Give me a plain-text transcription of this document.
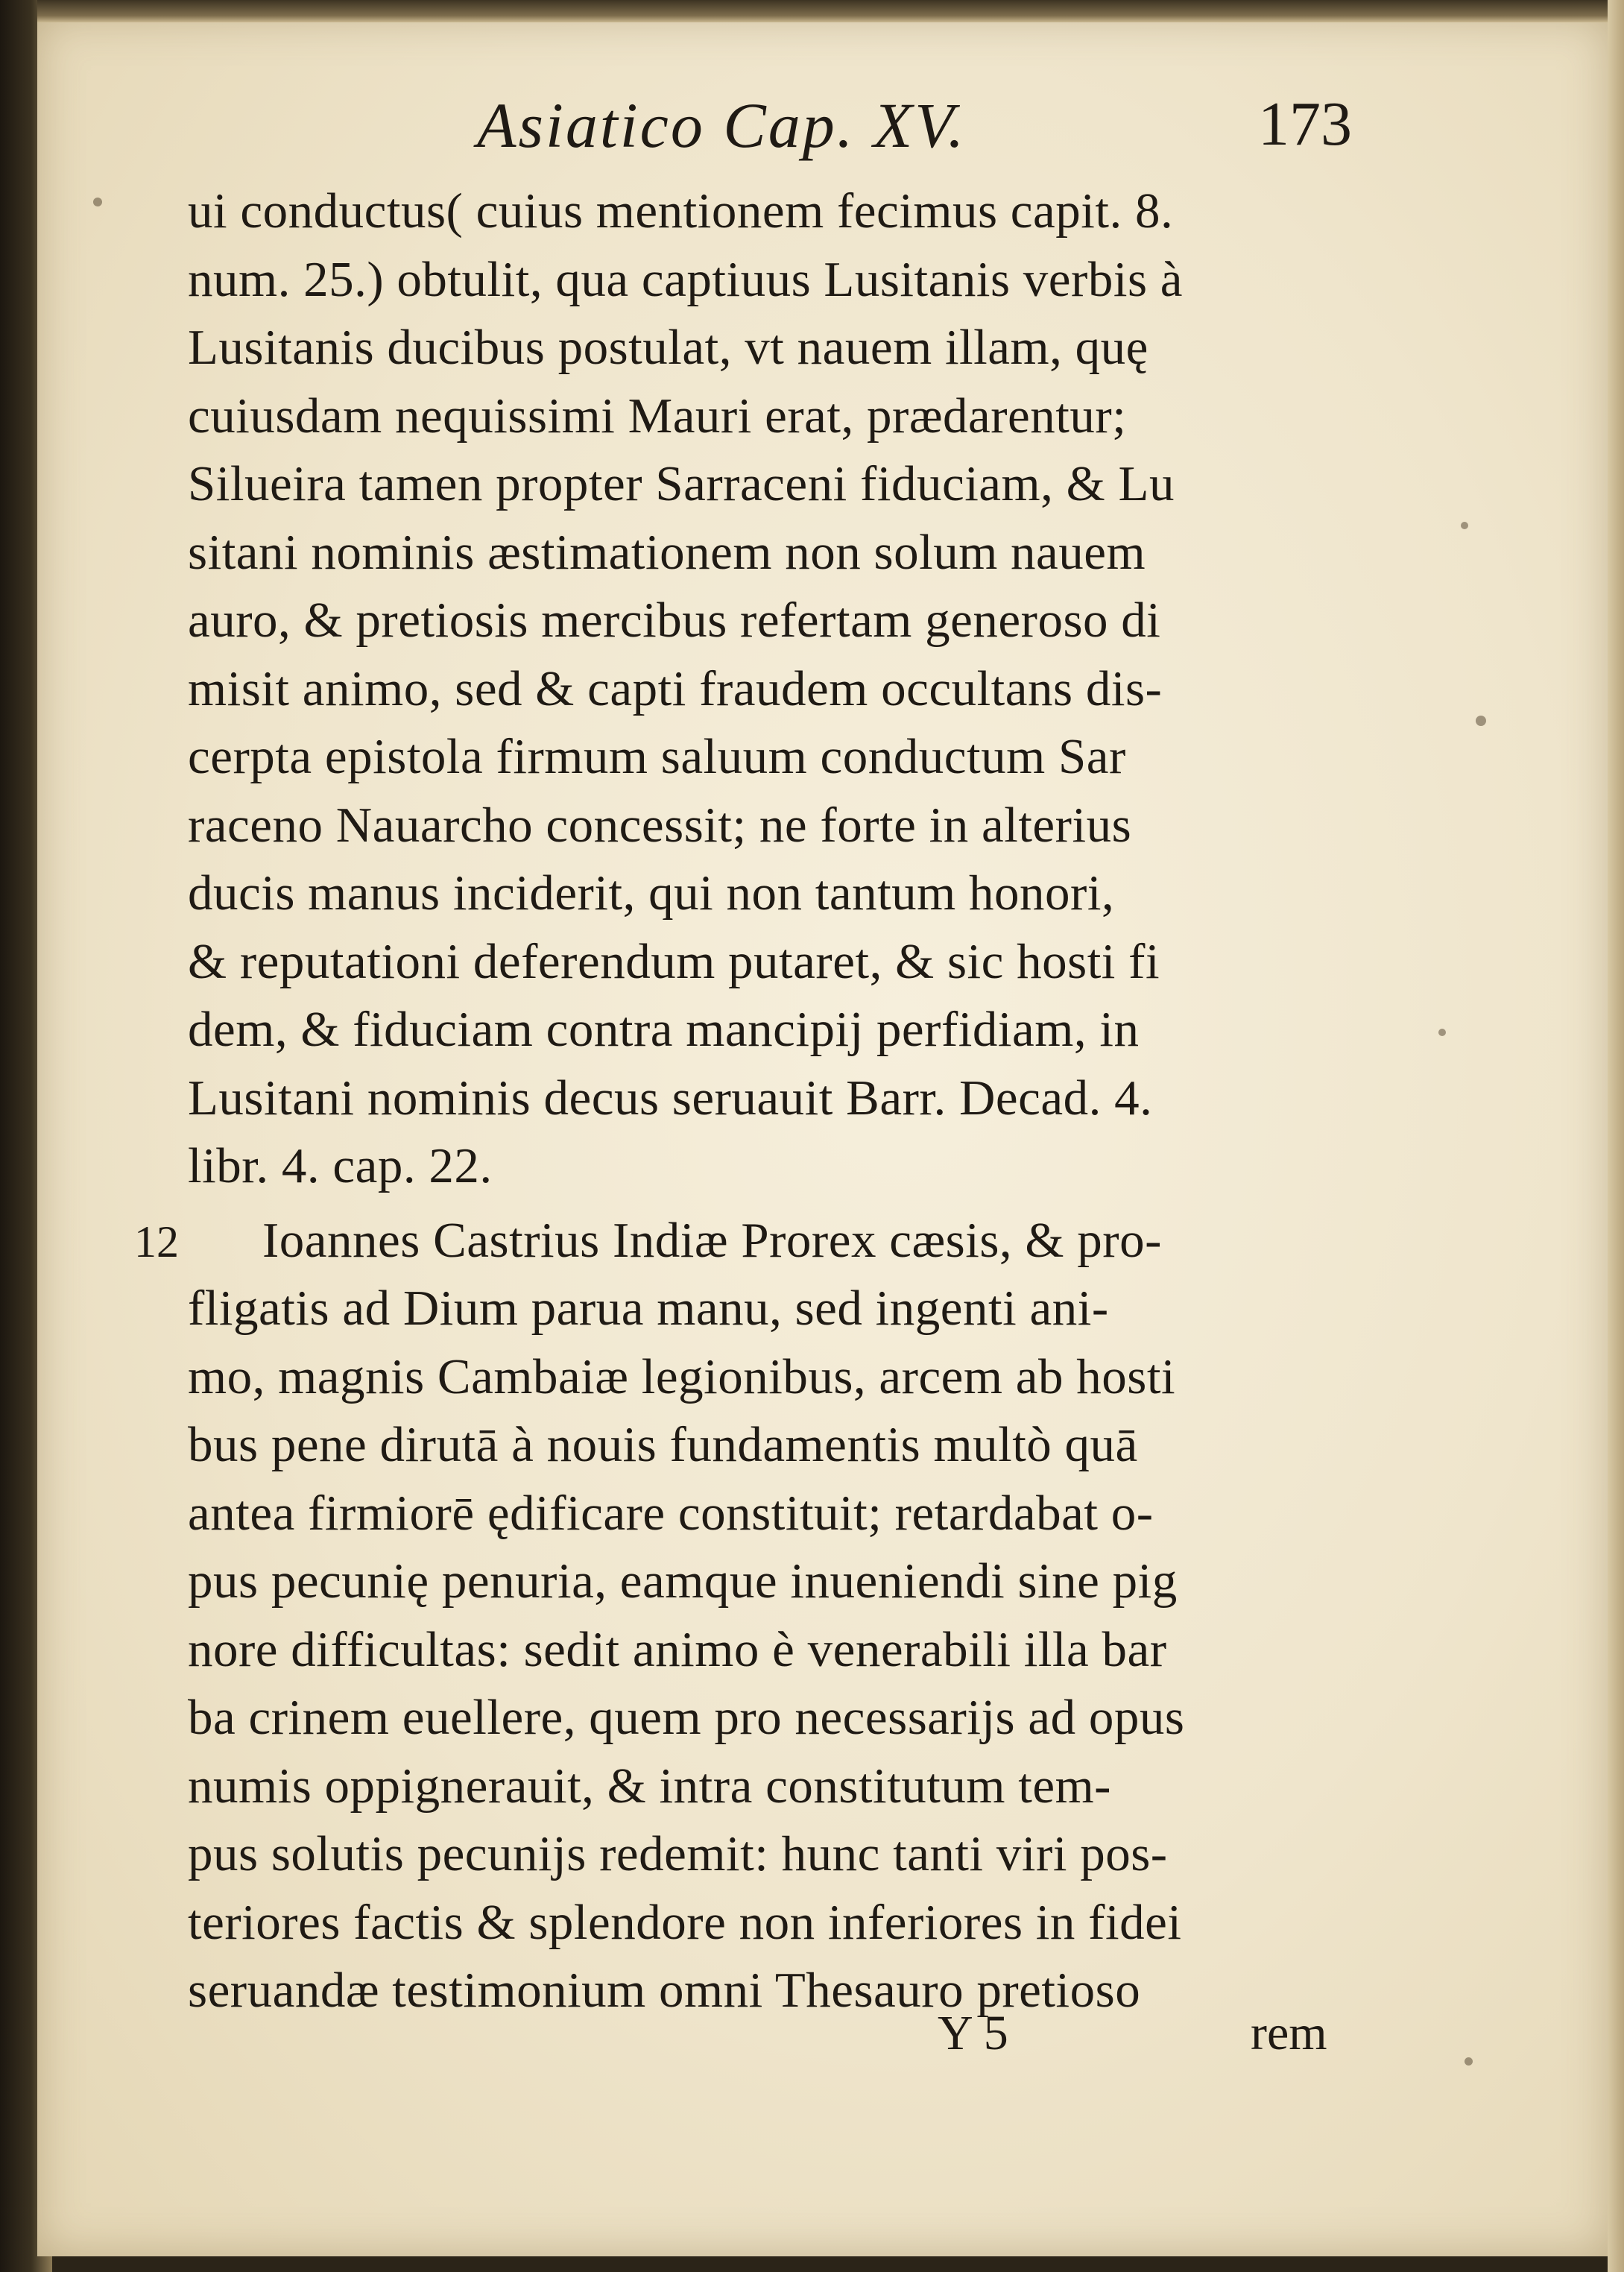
Asiatico Cap. XV.	173
ui conductus( cuius mentionem fecimus capit. 8.
num. 25.) obtulit, qua captiuus Lusitanis verbis à
Lusitanis ducibus postulat, vt nauem illam, quę
cuiusdam nequissimi Mauri erat, prædarentur;
Silueira tamen propter Sarraceni fiduciam, & Lu
sitani nominis æstimationem non solum nauem
auro, & pretiosis mercibus refertam generoso di
misit animo, sed & capti fraudem occultans dis-
cerpta epistola firmum saluum conductum Sar
raceno Nauarcho concessit; ne forte in alterius
ducis manus inciderit, qui non tantum honori,
& reputationi deferendum putaret, & sic hosti fi
dem, & fiduciam contra mancipij perfidiam, in
Lusitani nominis decus seruauit Barr. Decad. 4.
libr. 4. cap. 22.
Ioannes Castrius Indiæ Prorex cæsis, & pro-
fligatis ad Dium parua manu, sed ingenti ani-
mo, magnis Cambaiæ legionibus, arcem ab hosti
bus pene dirutā à nouis fundamentis multò quā
antea firmiorē ędificare constituit; retardabat o-
pus pecunię penuria, eamque inueniendi sine pig
nore difficultas: sedit animo è venerabili illa bar
ba crinem euellere, quem pro necessarijs ad opus
numis oppignerauit, & intra constitutum tem-
pus solutis pecunijs redemit: hunc tanti viri pos-
teriores factis & splendore non inferiores in fidei
seruandæ testimonium omni Thesauro pretioso
12
Y 5	rem
